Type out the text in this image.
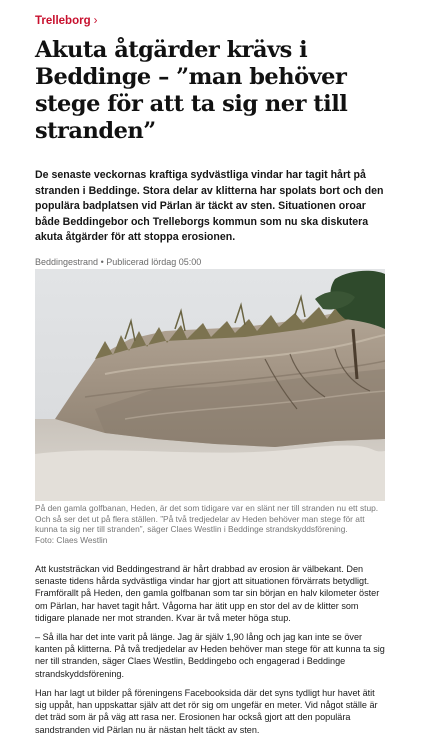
Trelleborg ›
Akuta åtgärder krävs i Beddinge – ”man behöver stege för att ta sig ner till stranden”

De senaste veckornas kraftiga sydvästliga vindar har tagit hårt på stranden i Beddinge. Stora delar av klitterna har spolats bort och den populära badplatsen vid Pärlan är täckt av sten. Situationen oroar både Beddingebor och Trelleborgs kommun som nu ska diskutera akuta åtgärder för att stoppa erosionen.

Beddingestrand • Publicerad lördag 05:00

På den gamla golfbanan, Heden, är det som tidigare var en slänt ner till stranden nu ett stup. Och så ser det ut på flera ställen. ”På två tredjedelar av Heden behöver man stege för att kunna ta sig ner till stranden”, säger Claes Westlin i Beddinge strandskyddsförening.
Foto: Claes Westlin

Att kuststräckan vid Beddingestrand är hårt drabbad av erosion är välbekant. Den senaste tidens hårda sydvästliga vindar har gjort att situationen förvärrats betydligt. Framförallt på Heden, den gamla golfbanan som tar sin början en halv kilometer öster om Pärlan, har havet tagit hårt. Vågorna har ätit upp en stor del av de klitter som tidigare planade ner mot stranden. Kvar är två meter höga stup.

– Så illa har det inte varit på länge. Jag är själv 1,90 lång och jag kan inte se över kanten på klitterna. På två tredjedelar av Heden behöver man stege för att kunna ta sig ner till stranden, säger Claes Westlin, Beddingebo och engagerad i Beddinge strandskyddsförening.

Han har lagt ut bilder på föreningens Facebooksida där det syns tydligt hur havet ätit sig uppåt, han uppskattar själv att det rör sig om ungefär en meter. Vid något ställe är det träd som är på väg att rasa ner. Erosionen har också gjort att den populära sandstranden vid Pärlan nu är nästan helt täckt av sten.
